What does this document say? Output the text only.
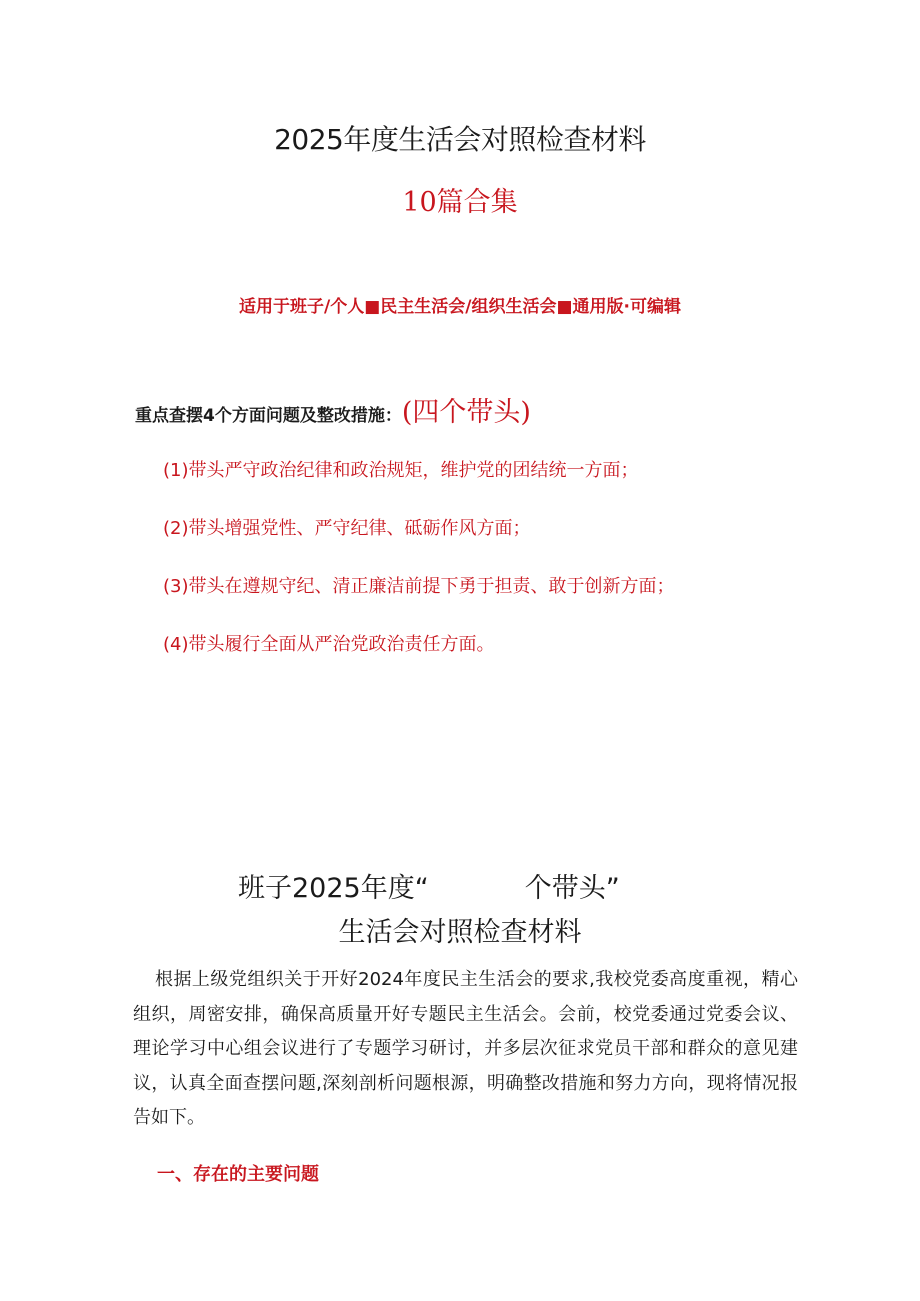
2025年度生活会对照检查材料
10篇合集
适用于班子/个人■民主生活会/组织生活会■通用版·可编辑
重点查摆4个方面问题及整改措施：(四个带头)
(1)带头严守政治纪律和政治规矩，维护党的团结统一方面；
(2)带头增强党性、严守纪律、砥砺作风方面；
(3)带头在遵规守纪、清正廉洁前提下勇于担责、敢于创新方面；
(4)带头履行全面从严治党政治责任方面。
班子2025年度“	个带头”
生活会对照检查材料
根据上级党组织关于开好2024年度民主生活会的要求,我校党委高度重视，精心组织，周密安排，确保高质量开好专题民主生活会。会前，校党委通过党委会议、理论学习中心组会议进行了专题学习研讨，并多层次征求党员干部和群众的意见建议，认真全面查摆问题,深刻剖析问题根源，明确整改措施和努力方向，现将情况报告如下。
一、存在的主要问题
